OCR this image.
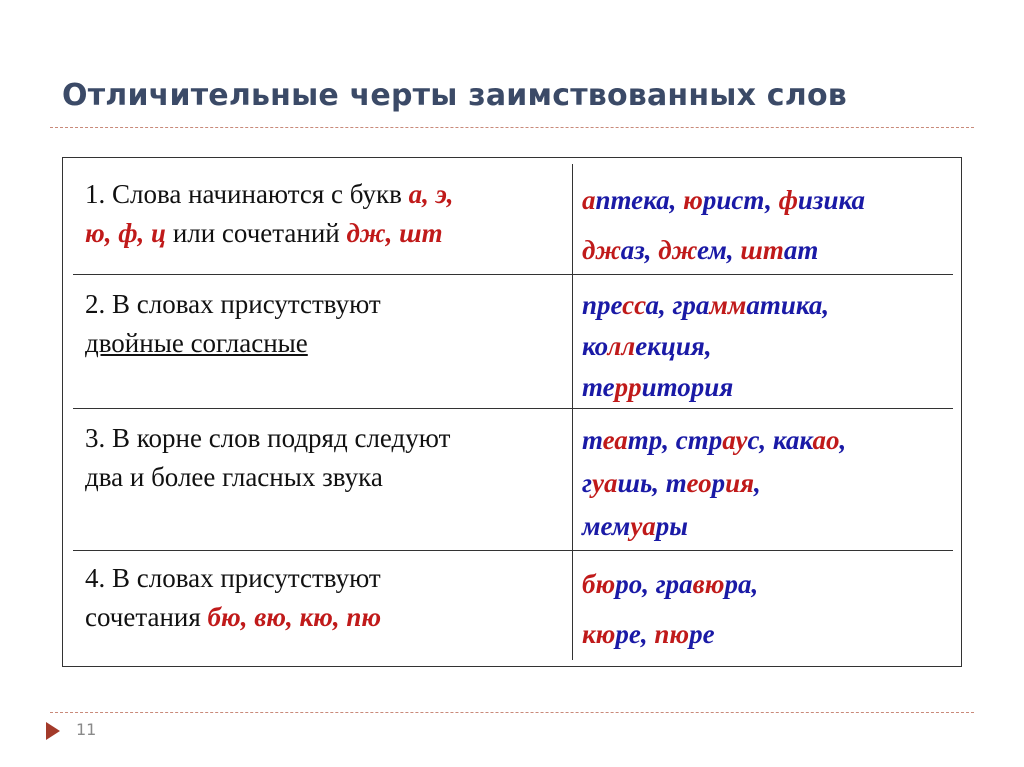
Отличительные черты заимствованных слов
1. Слова начинаются с букв а, э,
ю, ф, ц или сочетаний дж, шт
аптека, юрист, физика
джаз, джем, штат
2. В словах присутствуют
двойные согласные
пресса, грамматика,
коллекция,
территория
3. В корне слов подряд следуют
два и более гласных звука
театр, страус, какао,
гуашь, теория,
мемуары
4. В словах присутствуют
сочетания бю, вю, кю, пю
бюро, гравюра,
кюре, пюре
11
